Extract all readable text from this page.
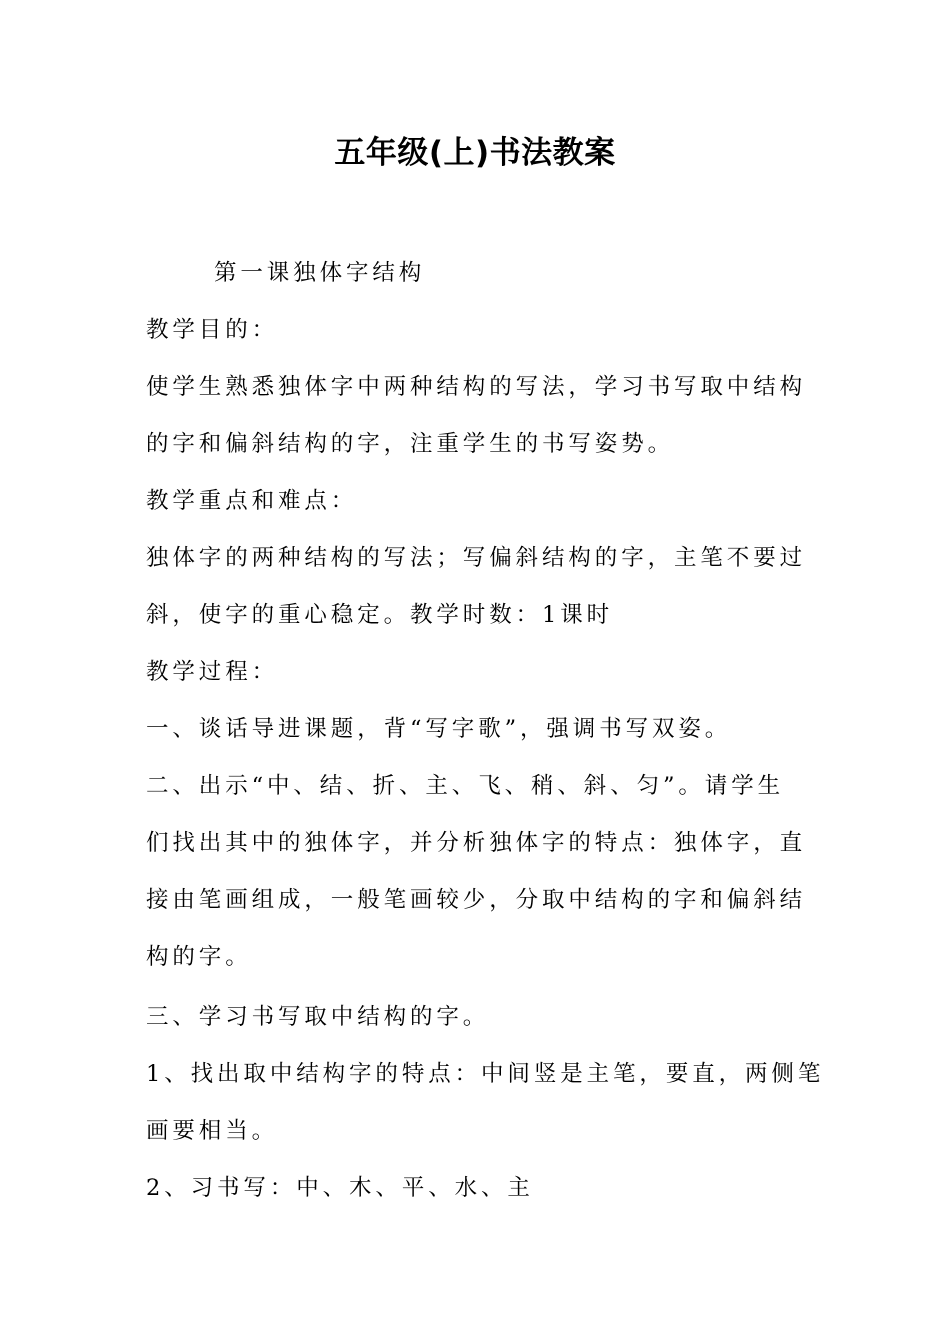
五年级(上)书法教案
第一课独体字结构
教学目的：
使学生熟悉独体字中两种结构的写法，学习书写取中结构
的字和偏斜结构的字，注重学生的书写姿势。
教学重点和难点：
独体字的两种结构的写法；写偏斜结构的字，主笔不要过
斜，使字的重心稳定。教学时数：1课时
教学过程：
一、谈话导进课题，背“写字歌”，强调书写双姿。
二、出示“中、结、折、主、飞、稍、斜、匀”。请学生
们找出其中的独体字，并分析独体字的特点：独体字，直
接由笔画组成，一般笔画较少，分取中结构的字和偏斜结
构的字。
三、学习书写取中结构的字。
1、找出取中结构字的特点：中间竖是主笔，要直，两侧笔
画要相当。
2、习书写：中、木、平、水、主
